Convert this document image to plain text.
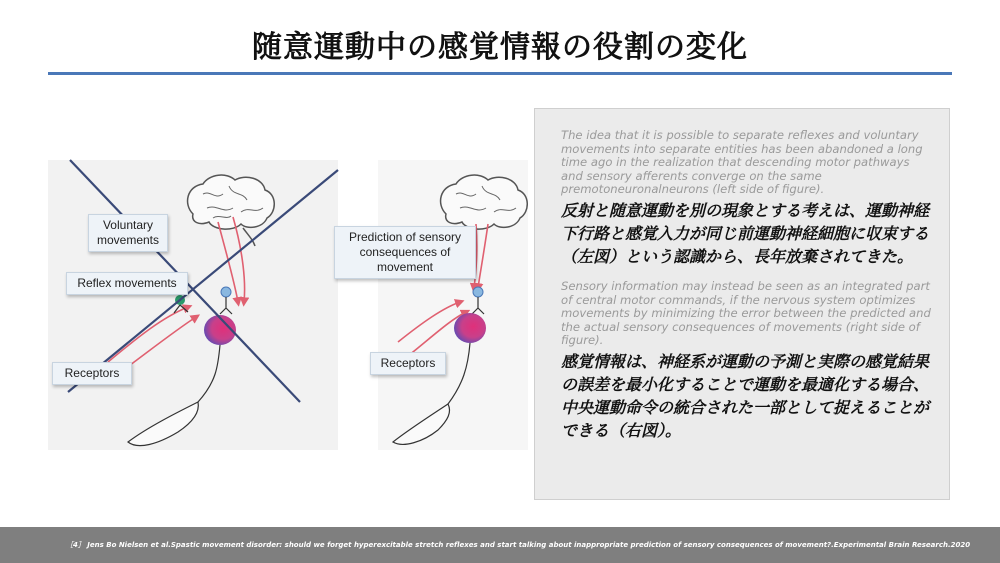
随意運動中の感覚情報の役割の変化
Voluntary movements
Reflex movements
Receptors
Prediction of sensory consequences of movement
Receptors
The idea that it is possible to separate reflexes and voluntary movements into separate entities has been abandoned a long time ago in the realization that descending motor pathways and sensory afferents converge on the same premotoneuronalneurons (left side of figure).
反射と随意運動を別の現象とする考えは、運動神経下行路と感覚入力が同じ前運動神経細胞に収束する（左図）という認識から、長年放棄されてきた。
Sensory information may instead be seen as an integrated part of central motor commands, if the nervous system optimizes movements by minimizing the error between the predicted and the actual sensory consequences of movements (right side of figure).
感覚情報は、神経系が運動の予測と実際の感覚結果の誤差を最小化することで運動を最適化する場合、中央運動命令の統合された一部として捉えることができる（右図）。
［4］ Jens Bo Nielsen et al.Spastic movement disorder: should we forget hyperexcitable stretch reflexes and start talking about inappropriate prediction of sensory consequences of movement?.Experimental Brain Research.2020
